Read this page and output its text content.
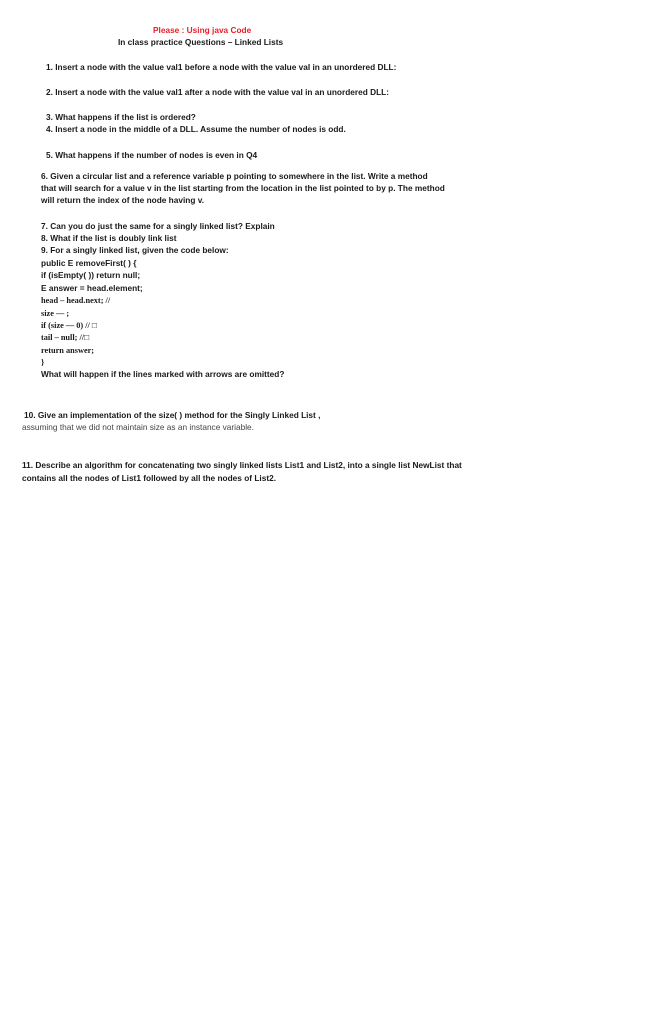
Please : Using java Code
In class practice Questions – Linked Lists
1. Insert a node with the value val1 before a node with the value val in an unordered DLL:
2. Insert a node with the value val1 after a node with the value val in an unordered DLL:
3. What happens if the list is ordered?
4. Insert a node in the middle of a DLL. Assume the number of nodes is odd.
5. What happens if the number of nodes is even in Q4
6. Given a circular list and a reference variable p pointing to somewhere in the list. Write a method
that will search for a value v in the list starting from the location in the list pointed to by p. The method
will return the index of the node having v.
7. Can you do just the same for a singly linked list? Explain
8. What if the list is doubly link list
9. For a singly linked list, given the code below:
public E removeFirst( ) {
if (isEmpty( )) return null;
E answer = head.element;
head – head.next; //
size — ;
if (size — 0) // □
tail – null; //□
return answer;
}
What will happen if the lines marked with arrows are omitted?
10. Give an implementation of the size( ) method for the Singly Linked List ,
assuming that we did not maintain size as an instance variable.
11. Describe an algorithm for concatenating two singly linked lists List1 and List2, into a single list NewList that
contains all the nodes of List1 followed by all the nodes of List2.
